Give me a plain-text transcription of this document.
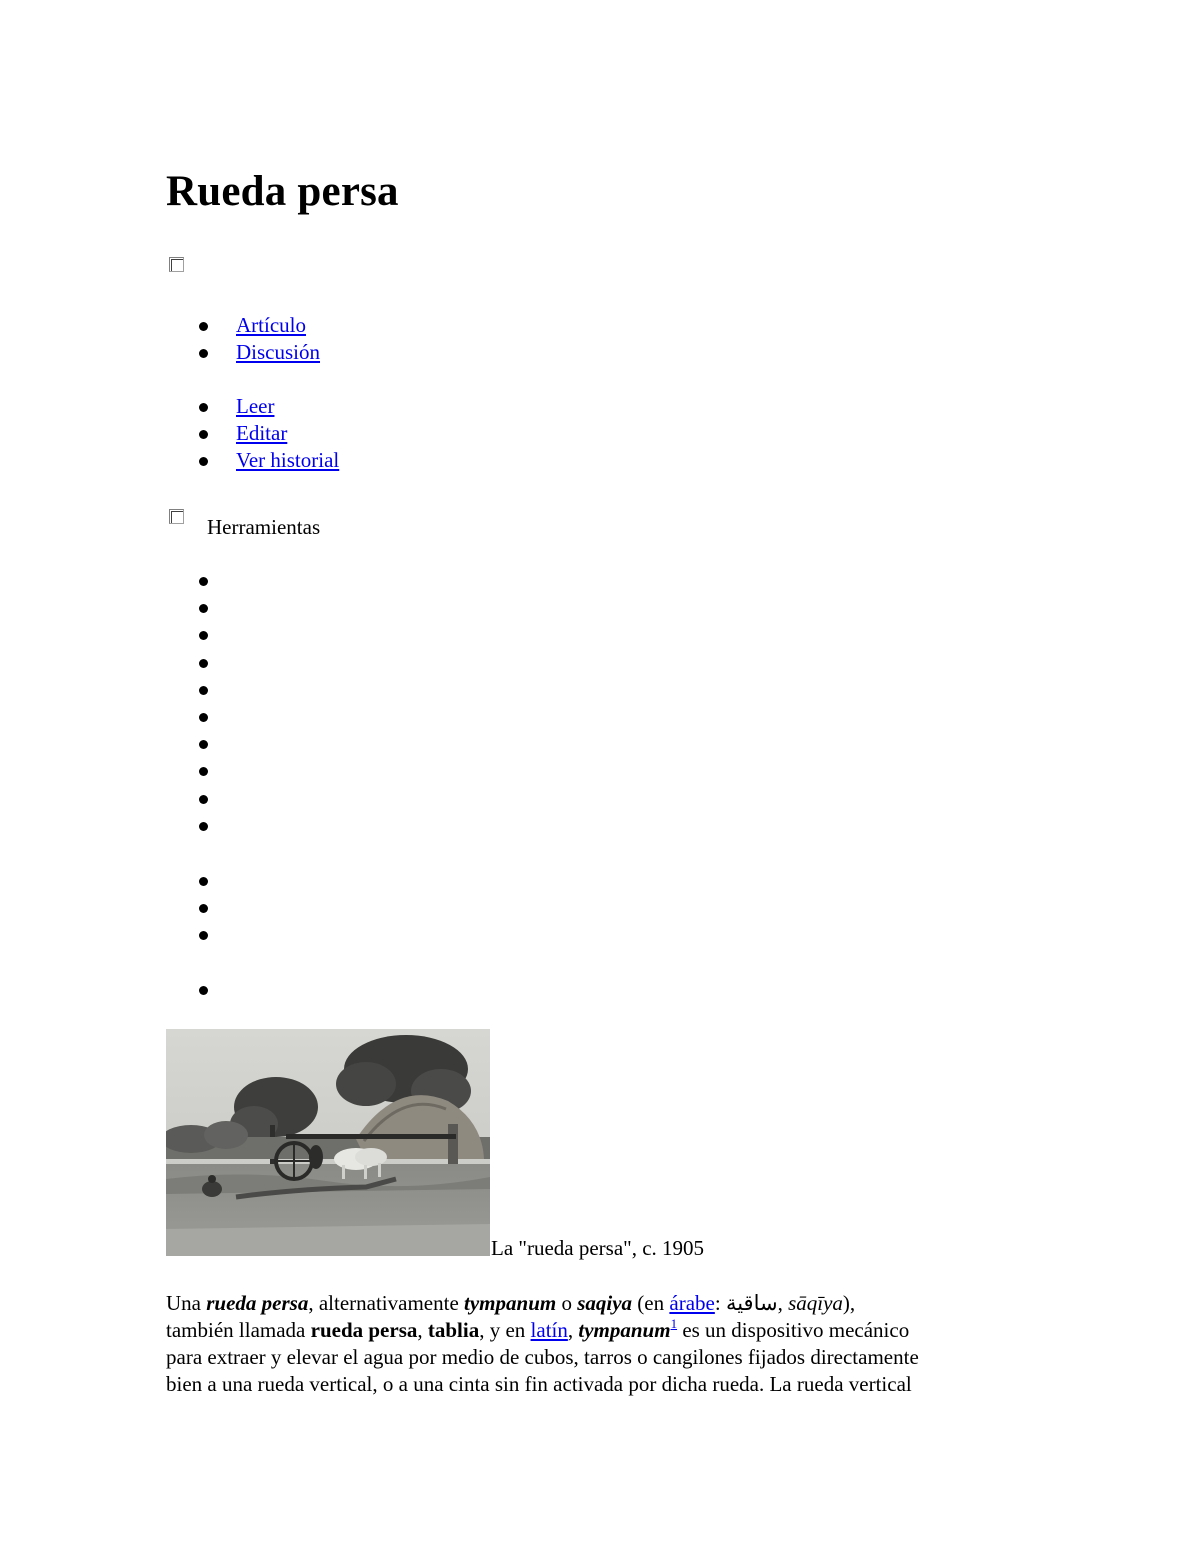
Rueda persa
Artículo
Discusión
Leer
Editar
Ver historial
Herramientas
La "rueda persa", c. 1905

Una rueda persa, alternativamente tympanum o saqiya (en árabe: ساقية, sāqīya),

también llamada rueda persa, tablia, y en latín, tympanum$^1$ es un dispositivo mecánico

para extraer y elevar el agua por medio de cubos, tarros o cangilones fijados directamente

bien a una rueda vertical, o a una cinta sin fin activada por dicha rueda. La rueda vertical
